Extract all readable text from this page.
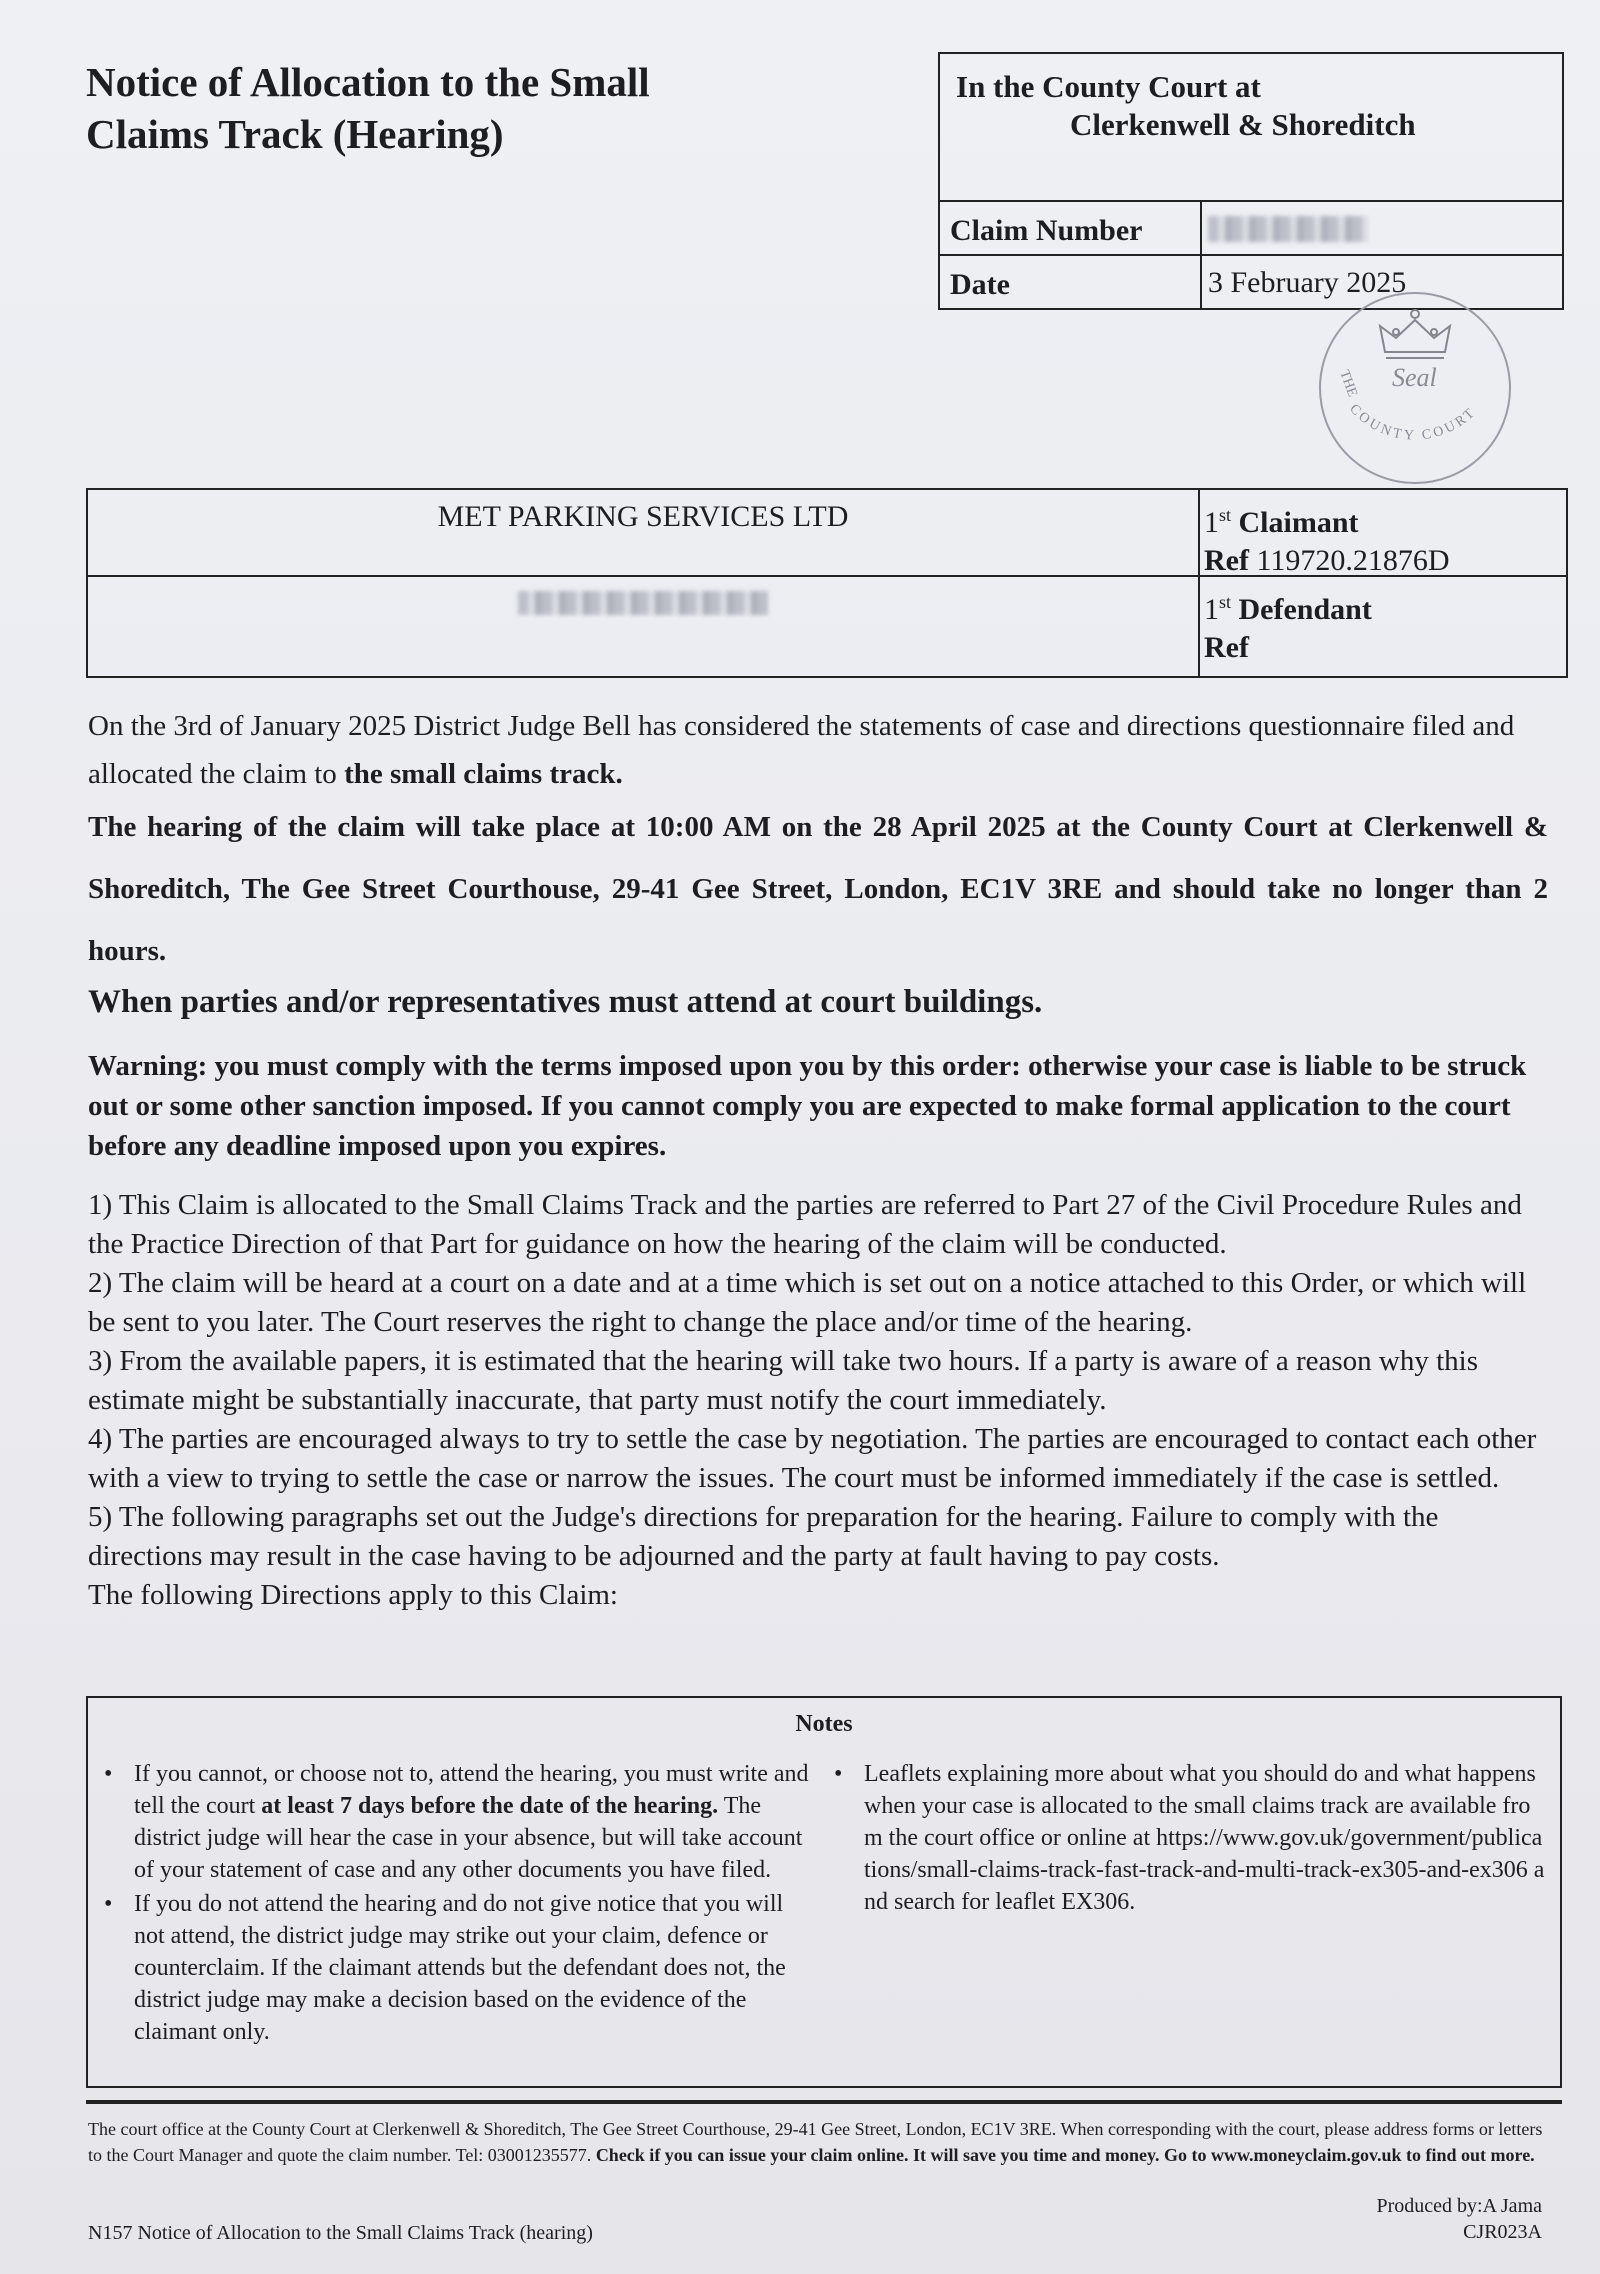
Notice of Allocation to the Small Claims Track (Hearing)
In the County Court at
Clerkenwell & Shoreditch
Claim Number
Date	3 February 2025
Seal
THE
COUNTY COURT
MET PARKING SERVICES LTD	1st Claimant
Ref 119720.21876D
1st Defendant
Ref
On the 3rd of January 2025 District Judge Bell has considered the statements of case and directions questionnaire filed and allocated the claim to the small claims track.
The hearing of the claim will take place at 10:00 AM on the 28 April 2025 at the County Court at Clerkenwell & Shoreditch, The Gee Street Courthouse, 29-41 Gee Street, London, EC1V 3RE and should take no longer than 2 hours.
When parties and/or representatives must attend at court buildings.
Warning: you must comply with the terms imposed upon you by this order: otherwise your case is liable to be struck out or some other sanction imposed. If you cannot comply you are expected to make formal application to the court before any deadline imposed upon you expires.
1) This Claim is allocated to the Small Claims Track and the parties are referred to Part 27 of the Civil Procedure Rules and the Practice Direction of that Part for guidance on how the hearing of the claim will be conducted.
2) The claim will be heard at a court on a date and at a time which is set out on a notice attached to this Order, or which will be sent to you later. The Court reserves the right to change the place and/or time of the hearing.
3) From the available papers, it is estimated that the hearing will take two hours. If a party is aware of a reason why this estimate might be substantially inaccurate, that party must notify the court immediately.
4) The parties are encouraged always to try to settle the case by negotiation. The parties are encouraged to contact each other with a view to trying to settle the case or narrow the issues. The court must be informed immediately if the case is settled.
5) The following paragraphs set out the Judge's directions for preparation for the hearing. Failure to comply with the directions may result in the case having to be adjourned and the party at fault having to pay costs.
The following Directions apply to this Claim:
Notes
• If you cannot, or choose not to, attend the hearing, you must write and tell the court at least 7 days before the date of the hearing. The district judge will hear the case in your absence, but will take account of your statement of case and any other documents you have filed.
• If you do not attend the hearing and do not give notice that you will not attend, the district judge may strike out your claim, defence or counterclaim. If the claimant attends but the defendant does not, the district judge may make a decision based on the evidence of the claimant only.
• Leaflets explaining more about what you should do and what happens when your case is allocated to the small claims track are available from the court office or online at https://www.gov.uk/government/publications/small-claims-track-fast-track-and-multi-track-ex305-and-ex306 and search for leaflet EX306.
The court office at the County Court at Clerkenwell & Shoreditch, The Gee Street Courthouse, 29-41 Gee Street, London, EC1V 3RE. When corresponding with the court, please address forms or letters to the Court Manager and quote the claim number. Tel: 03001235577. Check if you can issue your claim online. It will save you time and money. Go to www.moneyclaim.gov.uk to find out more.
Produced by:A Jama
CJR023A
N157 Notice of Allocation to the Small Claims Track (hearing)
